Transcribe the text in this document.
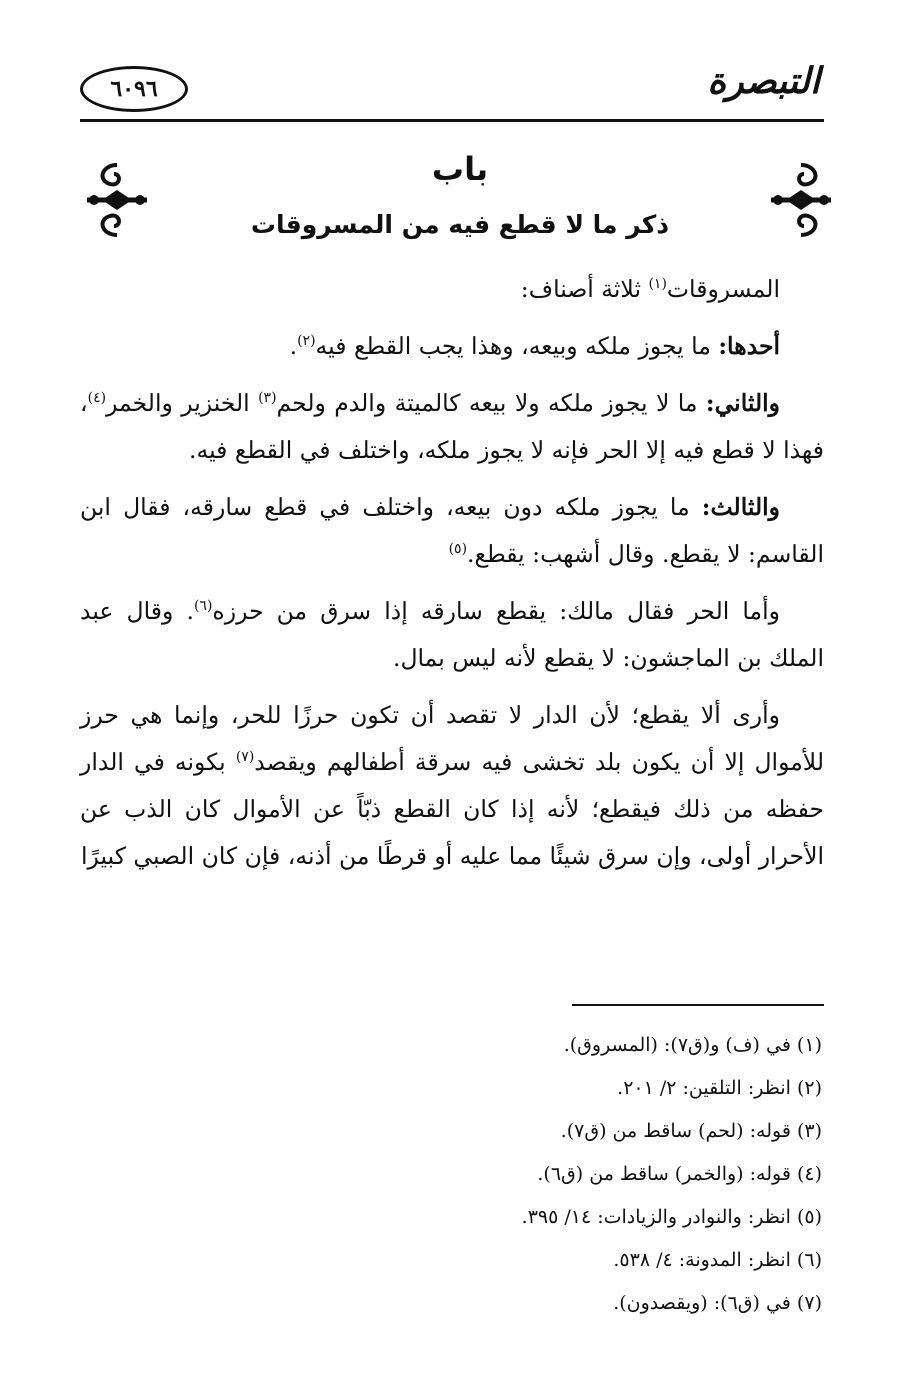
٦٠٩٦	التبصرة
باب
ذكر ما لا قطع فيه من المسروقات

المسروقات$^{(١)}$ ثلاثة أصناف:

أحدها: ما يجوز ملكه وبيعه، وهذا يجب القطع فيه$^{(٢)}$.

والثاني: ما لا يجوز ملكه ولا بيعه كالميتة والدم ولحم$^{(٣)}$ الخنزير والخمر$^{(٤)}$، فهذا لا قطع فيه إلا الحر فإنه لا يجوز ملكه، واختلف في القطع فيه.

والثالث: ما يجوز ملكه دون بيعه، واختلف في قطع سارقه، فقال ابن القاسم: لا يقطع. وقال أشهب: يقطع.$^{(٥)}$

وأما الحر فقال مالك: يقطع سارقه إذا سرق من حرزه$^{(٦)}$. وقال عبد الملك بن الماجشون: لا يقطع لأنه ليس بمال.

وأرى ألا يقطع؛ لأن الدار لا تقصد أن تكون حرزًا للحر، وإنما هي حرز للأموال إلا أن يكون بلد تخشى فيه سرقة أطفالهم ويقصد$^{(٧)}$ بكونه في الدار حفظه من ذلك فيقطع؛ لأنه إذا كان القطع ذبّاً عن الأموال كان الذب عن الأحرار أولى، وإن سرق شيئًا مما عليه أو قرطًا من أذنه، فإن كان الصبي كبيرًا

(١) في (ف) و(ق٧): (المسروق).
(٢) انظر: التلقين: ٢/ ٢٠١.
(٣) قوله: (لحم) ساقط من (ق٧).
(٤) قوله: (والخمر) ساقط من (ق٦).
(٥) انظر: والنوادر والزيادات: ١٤/ ٣٩٥.
(٦) انظر: المدونة: ٤/ ٥٣٨.
(٧) في (ق٦): (ويقصدون).
